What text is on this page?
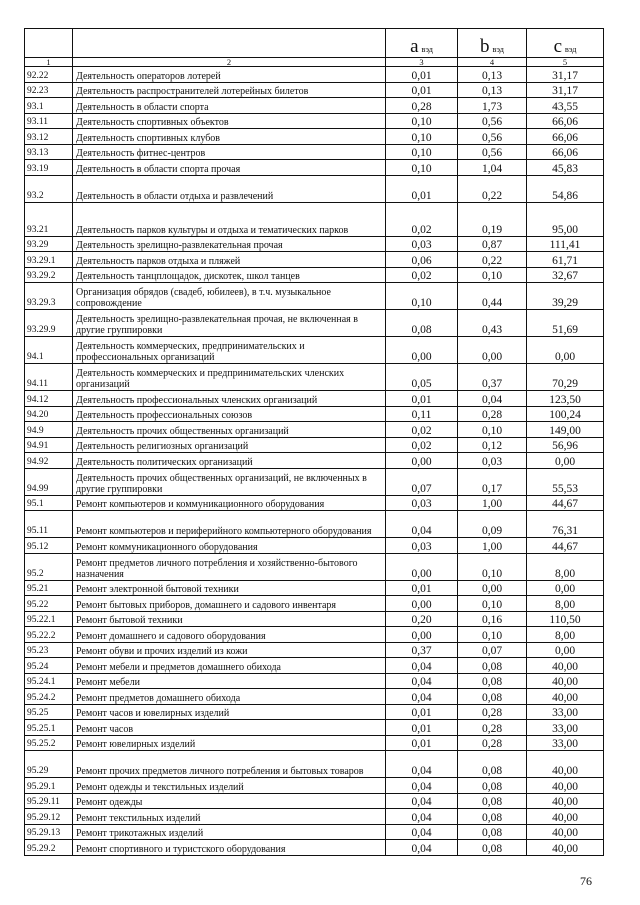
		a вэд	b вэд	c вэд
1	2	3	4	5
92.22	Деятельность операторов лотерей	0,01	0,13	31,17
92.23	Деятельность распространителей лотерейных билетов	0,01	0,13	31,17
93.1	Деятельность в области спорта	0,28	1,73	43,55
93.11	Деятельность спортивных объектов	0,10	0,56	66,06
93.12	Деятельность спортивных клубов	0,10	0,56	66,06
93.13	Деятельность фитнес-центров	0,10	0,56	66,06
93.19	Деятельность в области спорта прочая	0,10	1,04	45,83
93.2	Деятельность в области отдыха и развлечений	0,01	0,22	54,86
93.21	Деятельность парков культуры и отдыха и тематических парков	0,02	0,19	95,00
93.29	Деятельность зрелищно-развлекательная прочая	0,03	0,87	111,41
93.29.1	Деятельность парков отдыха и пляжей	0,06	0,22	61,71
93.29.2	Деятельность танцплощадок, дискотек, школ танцев	0,02	0,10	32,67
93.29.3	Организация обрядов (свадеб, юбилеев), в т.ч. музыкальное сопровождение	0,10	0,44	39,29
93.29.9	Деятельность зрелищно-развлекательная прочая, не включенная в другие группировки	0,08	0,43	51,69
94.1	Деятельность коммерческих, предпринимательских и профессиональных организаций	0,00	0,00	0,00
94.11	Деятельность коммерческих и предпринимательских членских организаций	0,05	0,37	70,29
94.12	Деятельность профессиональных членских организаций	0,01	0,04	123,50
94.20	Деятельность профессиональных союзов	0,11	0,28	100,24
94.9	Деятельность прочих общественных организаций	0,02	0,10	149,00
94.91	Деятельность религиозных организаций	0,02	0,12	56,96
94.92	Деятельность политических организаций	0,00	0,03	0,00
94.99	Деятельность прочих общественных организаций, не включенных в другие группировки	0,07	0,17	55,53
95.1	Ремонт компьютеров и коммуникационного оборудования	0,03	1,00	44,67
95.11	Ремонт компьютеров и периферийного компьютерного оборудования	0,04	0,09	76,31
95.12	Ремонт коммуникационного оборудования	0,03	1,00	44,67
95.2	Ремонт предметов личного потребления и хозяйственно-бытового назначения	0,00	0,10	8,00
95.21	Ремонт электронной бытовой техники	0,01	0,00	0,00
95.22	Ремонт бытовых приборов, домашнего и садового инвентаря	0,00	0,10	8,00
95.22.1	Ремонт бытовой техники	0,20	0,16	110,50
95.22.2	Ремонт домашнего и садового оборудования	0,00	0,10	8,00
95.23	Ремонт обуви и прочих изделий из кожи	0,37	0,07	0,00
95.24	Ремонт мебели и предметов домашнего обихода	0,04	0,08	40,00
95.24.1	Ремонт мебели	0,04	0,08	40,00
95.24.2	Ремонт предметов домашнего обихода	0,04	0,08	40,00
95.25	Ремонт часов и ювелирных изделий	0,01	0,28	33,00
95.25.1	Ремонт часов	0,01	0,28	33,00
95.25.2	Ремонт ювелирных изделий	0,01	0,28	33,00
95.29	Ремонт прочих предметов личного потребления и бытовых товаров	0,04	0,08	40,00
95.29.1	Ремонт одежды и текстильных изделий	0,04	0,08	40,00
95.29.11	Ремонт одежды	0,04	0,08	40,00
95.29.12	Ремонт текстильных изделий	0,04	0,08	40,00
95.29.13	Ремонт трикотажных изделий	0,04	0,08	40,00
95.29.2	Ремонт спортивного и туристского оборудования	0,04	0,08	40,00
76
